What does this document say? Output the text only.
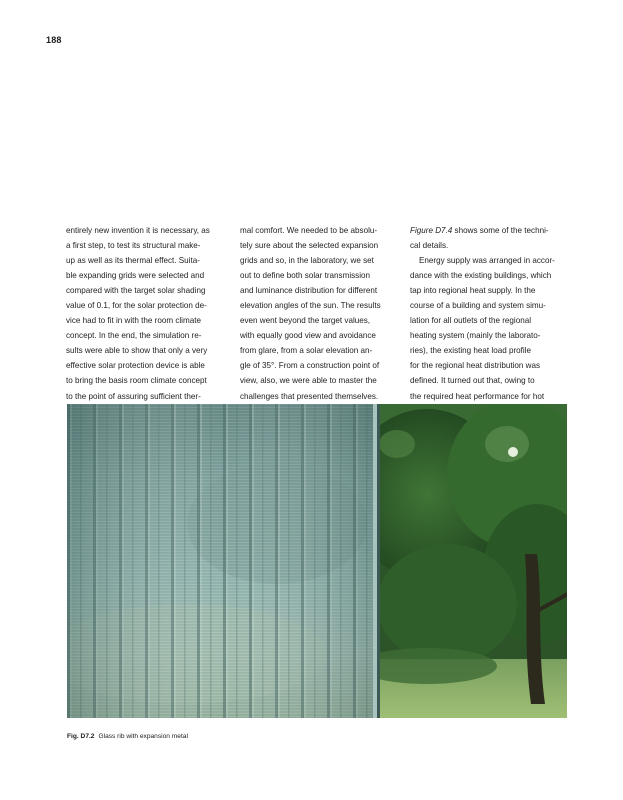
188

entirely new invention it is necessary, as
a first step, to test its structural make-
up as well as its thermal effect. Suita-
ble expanding grids were selected and
compared with the target solar shading
value of 0.1, for the solar protection de-
vice had to fit in with the room climate
concept. In the end, the simulation re-
sults were able to show that only a very
effective solar protection device is able
to bring the basis room climate concept
to the point of assuring sufficient ther-

mal comfort. We needed to be absolu-
tely sure about the selected expansion
grids and so, in the laboratory, we set
out to define both solar transmission
and luminance distribution for different
elevation angles of the sun. The results
even went beyond the target values,
with equally good view and avoidance
from glare, from a solar elevation an-
gle of 35°. From a construction point of
view, also, we were able to master the
challenges that presented themselves.

Figure D7.4 shows some of the techni-
cal details.
Energy supply was arranged in accor-
dance with the existing buildings, which
tap into regional heat supply. In the
course of a building and system simu-
lation for all outlets of the regional
heating system (mainly the laborato-
ries), the existing heat load profile
for the regional heat distribution was
defined. It turned out that, owing to
the required heat performance for hot

Fig. D7.2 Glass rib with expansion metal
